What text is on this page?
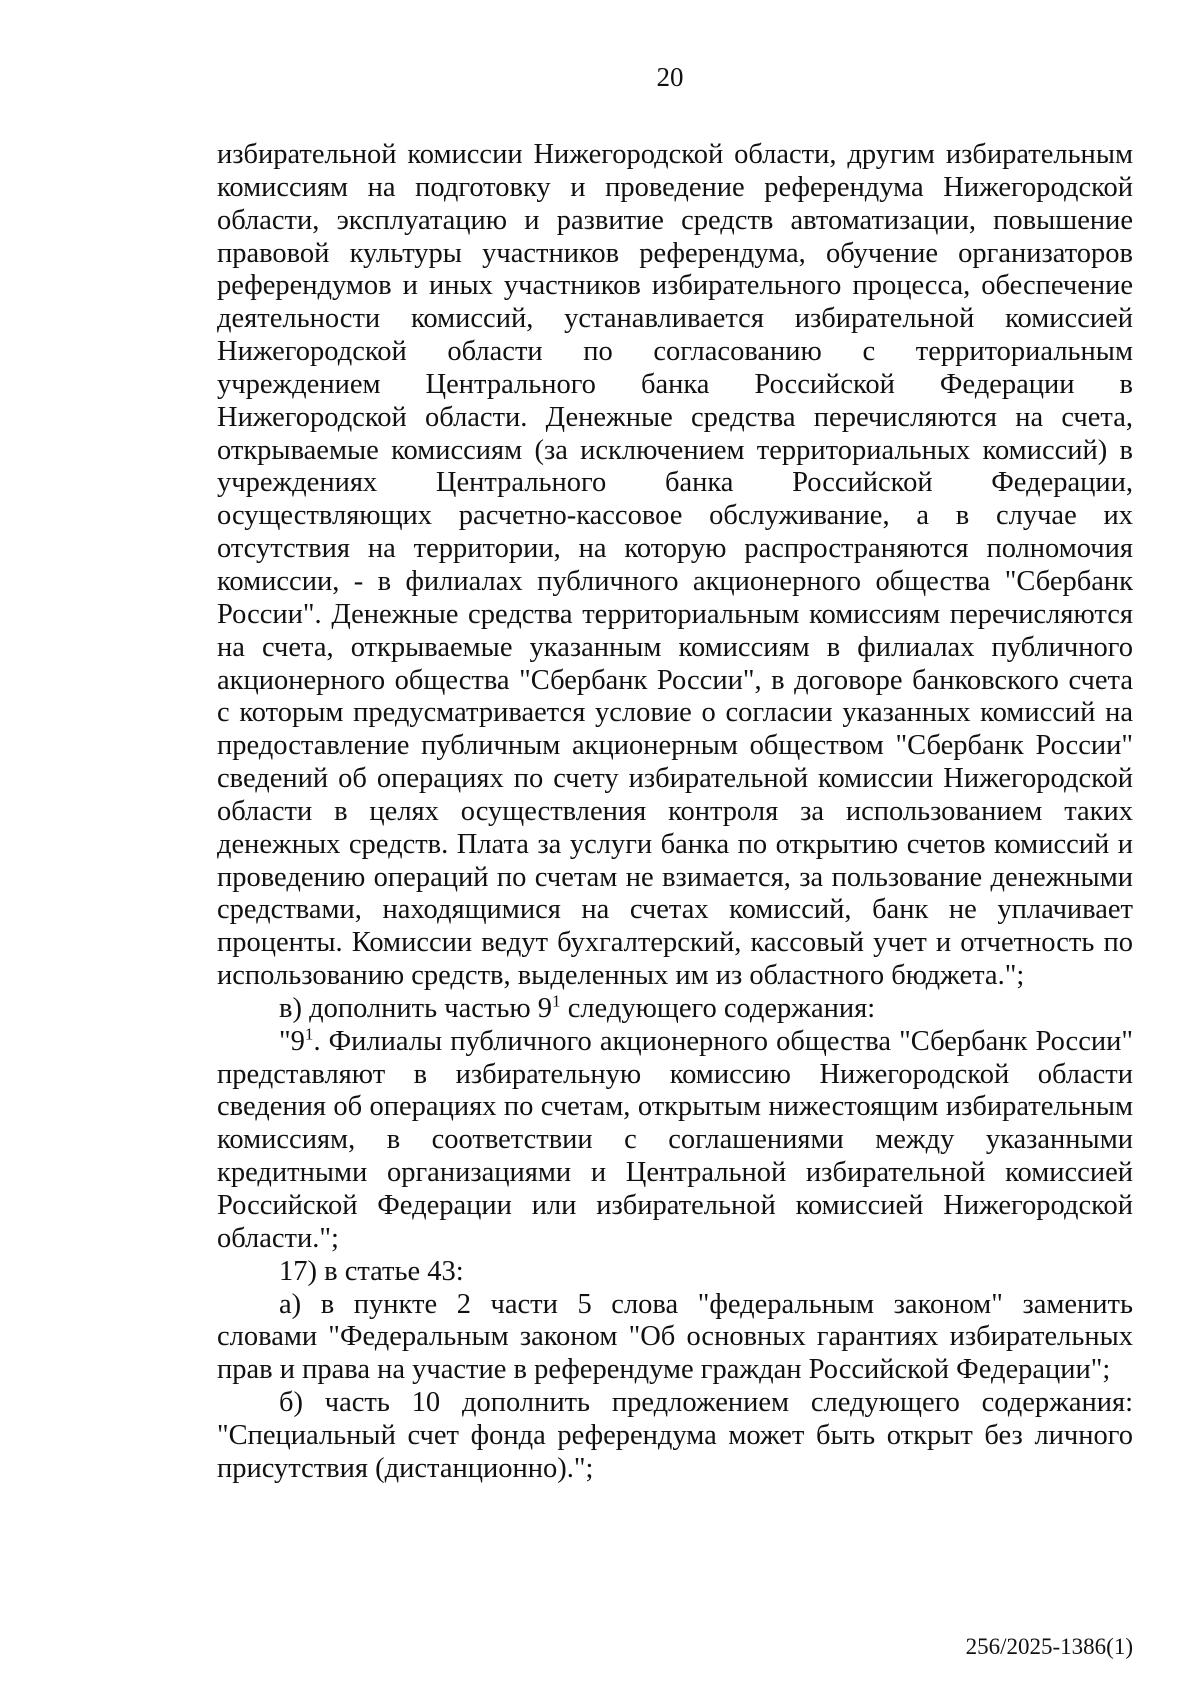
20

избирательной комиссии Нижегородской области, другим избирательным

комиссиям на подготовку и проведение референдума Нижегородской

области, эксплуатацию и развитие средств автоматизации, повышение

правовой культуры участников референдума, обучение организаторов

референдумов и иных участников избирательного процесса, обеспечение

деятельности комиссий, устанавливается избирательной комиссией

Нижегородской области по согласованию с территориальным

учреждением Центрального банка Российской Федерации в

Нижегородской области. Денежные средства перечисляются на счета,

открываемые комиссиям (за исключением территориальных комиссий) в

учреждениях Центрального банка Российской Федерации,

осуществляющих расчетно-кассовое обслуживание, а в случае их

отсутствия на территории, на которую распространяются полномочия

комиссии, - в филиалах публичного акционерного общества "Сбербанк

России". Денежные средства территориальным комиссиям перечисляются

на счета, открываемые указанным комиссиям в филиалах публичного

акционерного общества "Сбербанк России", в договоре банковского счета

с которым предусматривается условие о согласии указанных комиссий на

предоставление публичным акционерным обществом "Сбербанк России"

сведений об операциях по счету избирательной комиссии Нижегородской

области в целях осуществления контроля за использованием таких

денежных средств. Плата за услуги банка по открытию счетов комиссий и

проведению операций по счетам не взимается, за пользование денежными

средствами, находящимися на счетах комиссий, банк не уплачивает

проценты. Комиссии ведут бухгалтерский, кассовый учет и отчетность по

использованию средств, выделенных им из областного бюджета.";

в) дополнить частью $9^1$ следующего содержания:

"$9^1$. Филиалы публичного акционерного общества "Сбербанк России"

представляют в избирательную комиссию Нижегородской области

сведения об операциях по счетам, открытым нижестоящим избирательным

комиссиям, в соответствии с соглашениями между указанными

кредитными организациями и Центральной избирательной комиссией

Российской Федерации или избирательной комиссией Нижегородской

области.";

17) в статье 43:

а) в пункте 2 части 5 слова "федеральным законом" заменить

словами "Федеральным законом "Об основных гарантиях избирательных

прав и права на участие в референдуме граждан Российской Федерации";

б) часть 10 дополнить предложением следующего содержания:

"Специальный счет фонда референдума может быть открыт без личного

присутствия (дистанционно).";

256/2025-1386(1)
